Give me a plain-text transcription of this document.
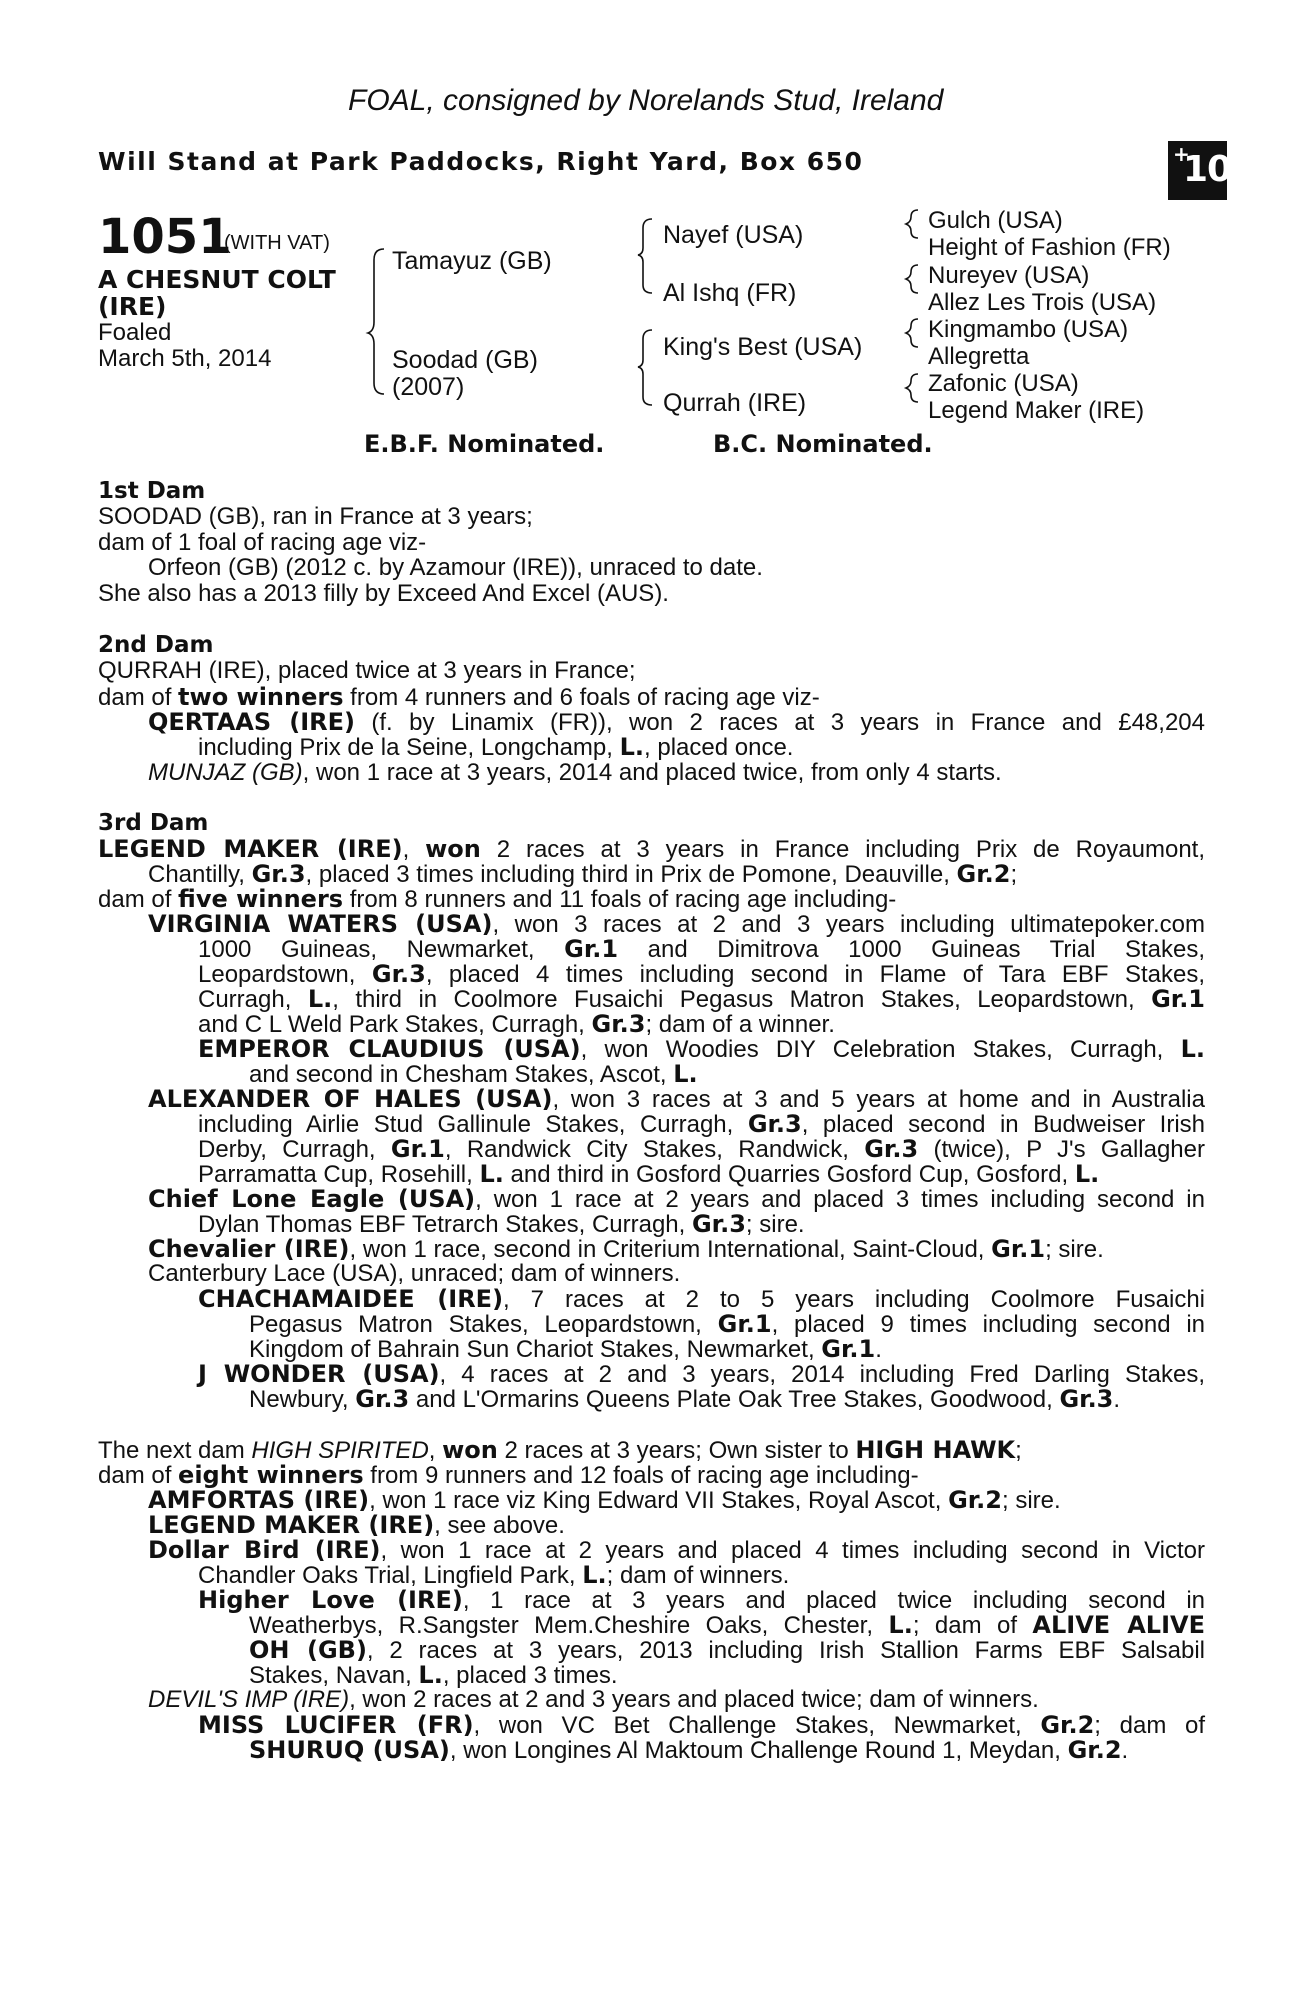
FOAL, consigned by Norelands Stud, Ireland
Will Stand at Park Paddocks, Right Yard, Box 650	+
10
1051
(WITH VAT)
A CHESNUT COLT
(IRE)
Foaled
March 5th, 2014
Tamayuz (GB)
Soodad (GB)
(2007)
Nayef (USA)
Al Ishq (FR)
King's Best (USA)
Qurrah (IRE)
Gulch (USA)
Height of Fashion (FR)
Nureyev (USA)
Allez Les Trois (USA)
Kingmambo (USA)
Allegretta
Zafonic (USA)
Legend Maker (IRE)
E.B.F. Nominated.	B.C. Nominated.
1st Dam
SOODAD (GB), ran in France at 3 years;
dam of 1 foal of racing age viz-
Orfeon (GB) (2012 c. by Azamour (IRE)), unraced to date.
She also has a 2013 filly by Exceed And Excel (AUS).
2nd Dam
QURRAH (IRE), placed twice at 3 years in France;
dam of two winners from 4 runners and 6 foals of racing age viz-
QERTAAS (IRE) (f. by Linamix (FR)), won 2 races at 3 years in France and £48,204
including Prix de la Seine, Longchamp, L., placed once.
MUNJAZ (GB), won 1 race at 3 years, 2014 and placed twice, from only 4 starts.
3rd Dam
LEGEND MAKER (IRE), won 2 races at 3 years in France including Prix de Royaumont,
Chantilly, Gr.3, placed 3 times including third in Prix de Pomone, Deauville, Gr.2;
dam of five winners from 8 runners and 11 foals of racing age including-
VIRGINIA WATERS (USA), won 3 races at 2 and 3 years including ultimatepoker.com
1000 Guineas, Newmarket, Gr.1 and Dimitrova 1000 Guineas Trial Stakes,
Leopardstown, Gr.3, placed 4 times including second in Flame of Tara EBF Stakes,
Curragh, L., third in Coolmore Fusaichi Pegasus Matron Stakes, Leopardstown, Gr.1
and C L Weld Park Stakes, Curragh, Gr.3; dam of a winner.
EMPEROR CLAUDIUS (USA), won Woodies DIY Celebration Stakes, Curragh, L.
and second in Chesham Stakes, Ascot, L.
ALEXANDER OF HALES (USA), won 3 races at 3 and 5 years at home and in Australia
including Airlie Stud Gallinule Stakes, Curragh, Gr.3, placed second in Budweiser Irish
Derby, Curragh, Gr.1, Randwick City Stakes, Randwick, Gr.3 (twice), P J's Gallagher
Parramatta Cup, Rosehill, L. and third in Gosford Quarries Gosford Cup, Gosford, L.
Chief Lone Eagle (USA), won 1 race at 2 years and placed 3 times including second in
Dylan Thomas EBF Tetrarch Stakes, Curragh, Gr.3; sire.
Chevalier (IRE), won 1 race, second in Criterium International, Saint-Cloud, Gr.1; sire.
Canterbury Lace (USA), unraced; dam of winners.
CHACHAMAIDEE (IRE), 7 races at 2 to 5 years including Coolmore Fusaichi
Pegasus Matron Stakes, Leopardstown, Gr.1, placed 9 times including second in
Kingdom of Bahrain Sun Chariot Stakes, Newmarket, Gr.1.
J WONDER (USA), 4 races at 2 and 3 years, 2014 including Fred Darling Stakes,
Newbury, Gr.3 and L'Ormarins Queens Plate Oak Tree Stakes, Goodwood, Gr.3.
The next dam HIGH SPIRITED, won 2 races at 3 years; Own sister to HIGH HAWK;
dam of eight winners from 9 runners and 12 foals of racing age including-
AMFORTAS (IRE), won 1 race viz King Edward VII Stakes, Royal Ascot, Gr.2; sire.
LEGEND MAKER (IRE), see above.
Dollar Bird (IRE), won 1 race at 2 years and placed 4 times including second in Victor
Chandler Oaks Trial, Lingfield Park, L.; dam of winners.
Higher Love (IRE), 1 race at 3 years and placed twice including second in
Weatherbys, R.Sangster Mem.Cheshire Oaks, Chester, L.; dam of ALIVE ALIVE
OH (GB), 2 races at 3 years, 2013 including Irish Stallion Farms EBF Salsabil
Stakes, Navan, L., placed 3 times.
DEVIL'S IMP (IRE), won 2 races at 2 and 3 years and placed twice; dam of winners.
MISS LUCIFER (FR), won VC Bet Challenge Stakes, Newmarket, Gr.2; dam of
SHURUQ (USA), won Longines Al Maktoum Challenge Round 1, Meydan, Gr.2.
